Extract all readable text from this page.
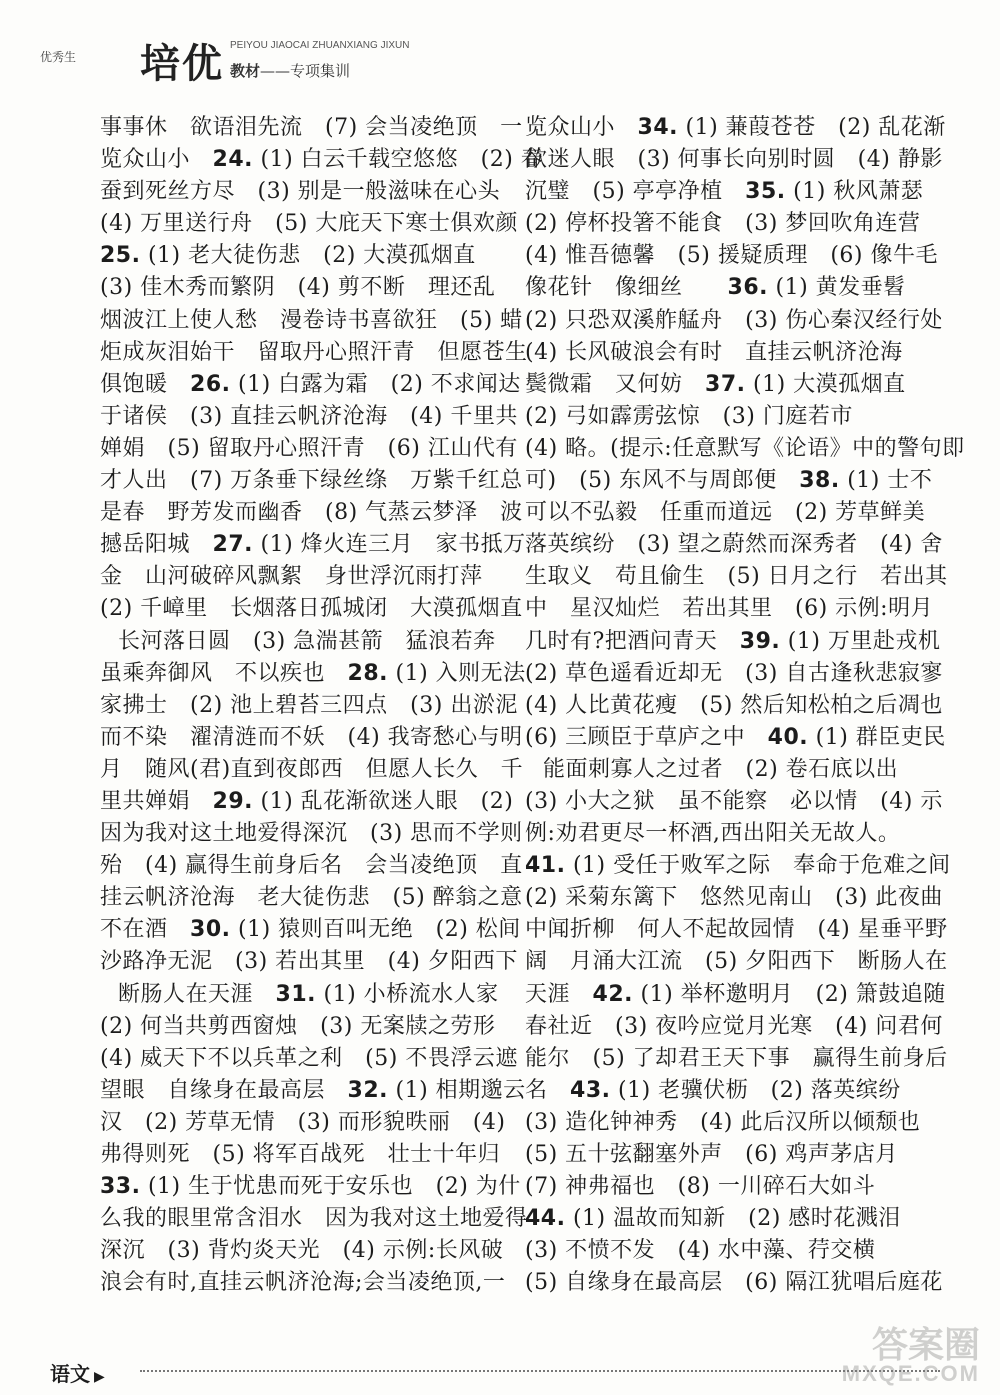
优秀生 培优 PEIYOU JIAOCAI ZHUANXIANG JIXUN
教材——专项集训
事事休　欲语泪先流　(7) 会当凌绝顶　一
览众山小　24. (1) 白云千载空悠悠　(2) 春
蚕到死丝方尽　(3) 别是一般滋味在心头
(4) 万里送行舟　(5) 大庇天下寒士俱欢颜
25. (1) 老大徒伤悲　(2) 大漠孤烟直
(3) 佳木秀而繁阴　(4) 剪不断　理还乱
烟波江上使人愁　漫卷诗书喜欲狂　(5) 蜡
炬成灰泪始干　留取丹心照汗青　但愿苍生
俱饱暖　26. (1) 白露为霜　(2) 不求闻达
于诸侯　(3) 直挂云帆济沧海　(4) 千里共
婵娟　(5) 留取丹心照汗青　(6) 江山代有
才人出　(7) 万条垂下绿丝绦　万紫千红总
是春　野芳发而幽香　(8) 气蒸云梦泽　波
撼岳阳城　27. (1) 烽火连三月　家书抵万
金　山河破碎风飘絮　身世浮沉雨打萍
(2) 千嶂里　长烟落日孤城闭　大漠孤烟直
长河落日圆　(3) 急湍甚箭　猛浪若奔
虽乘奔御风　不以疾也　28. (1) 入则无法
家拂士　(2) 池上碧苔三四点　(3) 出淤泥
而不染　濯清涟而不妖　(4) 我寄愁心与明
月　随风(君)直到夜郎西　但愿人长久　千
里共婵娟　29. (1) 乱花渐欲迷人眼　(2)
因为我对这土地爱得深沉　(3) 思而不学则
殆　(4) 赢得生前身后名　会当凌绝顶　直
挂云帆济沧海　老大徒伤悲　(5) 醉翁之意
不在酒　30. (1) 猿则百叫无绝　(2) 松间
沙路净无泥　(3) 若出其里　(4) 夕阳西下
断肠人在天涯　31. (1) 小桥流水人家
(2) 何当共剪西窗烛　(3) 无案牍之劳形
(4) 威天下不以兵革之利　(5) 不畏浮云遮
望眼　自缘身在最高层　32. (1) 相期邈云
汉　(2) 芳草无情　(3) 而形貌昳丽　(4)
弗得则死　(5) 将军百战死　壮士十年归
33. (1) 生于忧患而死于安乐也　(2) 为什
么我的眼里常含泪水　因为我对这土地爱得
深沉　(3) 背灼炎天光　(4) 示例:长风破
浪会有时,直挂云帆济沧海;会当凌绝顶,一
览众山小　34. (1) 蒹葭苍苍　(2) 乱花渐
欲迷人眼　(3) 何事长向别时圆　(4) 静影
沉璧　(5) 亭亭净植　35. (1) 秋风萧瑟
(2) 停杯投箸不能食　(3) 梦回吹角连营
(4) 惟吾德馨　(5) 援疑质理　(6) 像牛毛
像花针　像细丝　　36. (1) 黄发垂髫
(2) 只恐双溪舴艋舟　(3) 伤心秦汉经行处
(4) 长风破浪会有时　直挂云帆济沧海
鬓微霜　又何妨　37. (1) 大漠孤烟直
(2) 弓如霹雳弦惊　(3) 门庭若市
(4) 略。(提示:任意默写《论语》中的警句即
可)　(5) 东风不与周郎便　38. (1) 士不
可以不弘毅　任重而道远　(2) 芳草鲜美
落英缤纷　(3) 望之蔚然而深秀者　(4) 舍
生取义　苟且偷生　(5) 日月之行　若出其
中　星汉灿烂　若出其里　(6) 示例:明月
几时有?把酒问青天　39. (1) 万里赴戎机
(2) 草色遥看近却无　(3) 自古逢秋悲寂寥
(4) 人比黄花瘦　(5) 然后知松柏之后凋也
(6) 三顾臣于草庐之中　40. (1) 群臣吏民
能面刺寡人之过者　(2) 卷石底以出
(3) 小大之狱　虽不能察　必以情　(4) 示
例:劝君更尽一杯酒,西出阳关无故人。
41. (1) 受任于败军之际　奉命于危难之间
(2) 采菊东篱下　悠然见南山　(3) 此夜曲
中闻折柳　何人不起故园情　(4) 星垂平野
阔　月涌大江流　(5) 夕阳西下　断肠人在
天涯　42. (1) 举杯邀明月　(2) 箫鼓追随
春社近　(3) 夜吟应觉月光寒　(4) 问君何
能尔　(5) 了却君王天下事　赢得生前身后
名　43. (1) 老骥伏枥　(2) 落英缤纷
(3) 造化钟神秀　(4) 此后汉所以倾颓也
(5) 五十弦翻塞外声　(6) 鸡声茅店月
(7) 神弗福也　(8) 一川碎石大如斗
44. (1) 温故而知新　(2) 感时花溅泪
(3) 不愤不发　(4) 水中藻、荇交横
(5) 自缘身在最高层　(6) 隔江犹唱后庭花
语文 ▶
答案圈
MXQE.COM
